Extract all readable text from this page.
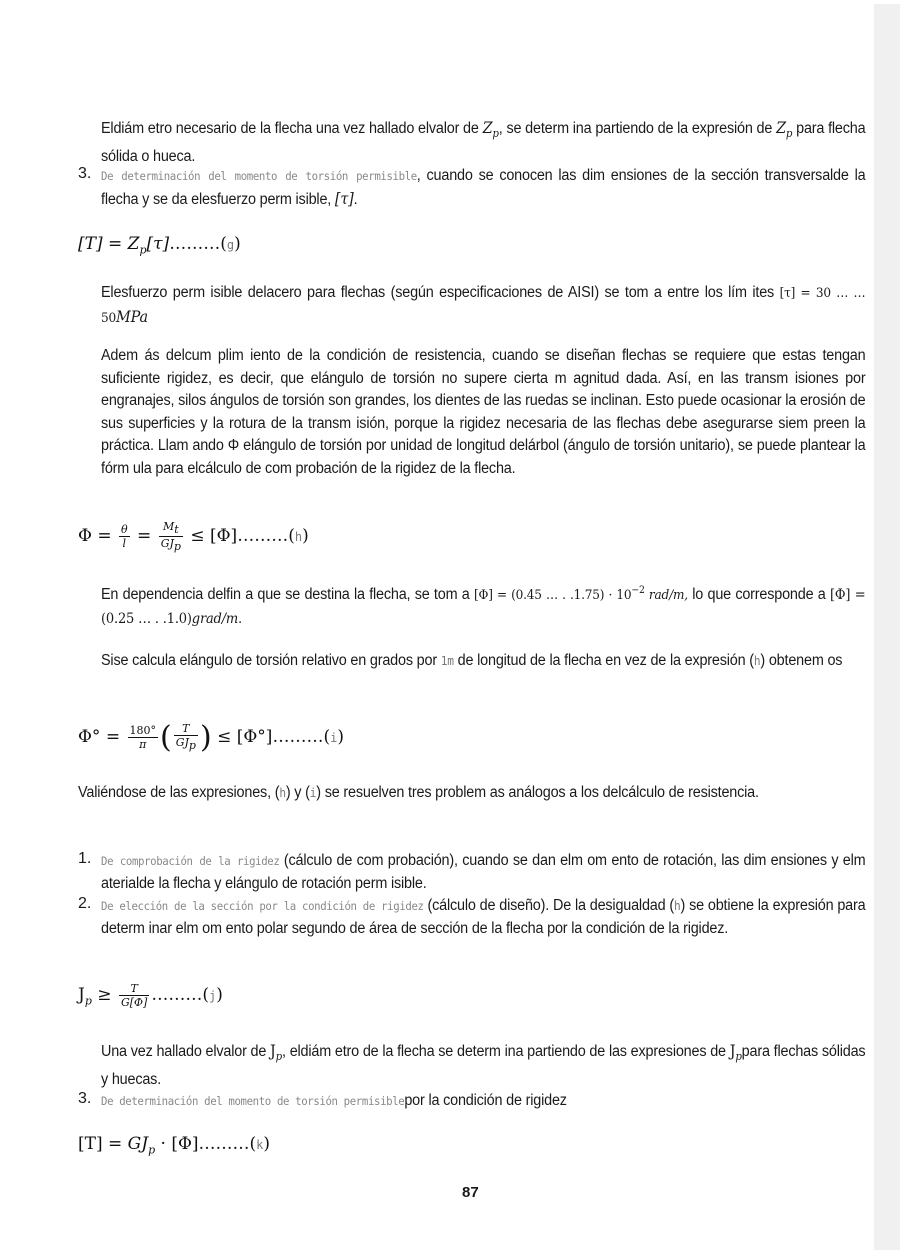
Eldiám etro necesario de la flecha una vez hallado elvalor de $Z_p$, se determ ina partiendo de la expresión de $Z_p$ para flecha sólida o hueca.
3. De determinación del momento de torsión permisible, cuando se conocen las dim ensiones de la sección transversalde la flecha y se da elesfuerzo perm isible, [τ].
$[T] = Z_p[\tau]\dots\dots\dots(g)$
Elesfuerzo perm isible delacero para flechas (según especificaciones de AISI) se tom a entre los lím ites [τ] = 30 … … 50MPa
Adem ás delcum plim iento de la condición de resistencia, cuando se diseñan flechas se requiere que estas tengan suficiente rigidez, es decir, que elángulo de torsión no supere cierta m agnitud dada. Así, en las transm isiones por engranajes, silos ángulos de torsión son grandes, los dientes de las ruedas se inclinan. Esto puede ocasionar la erosión de sus superficies y la rotura de la transm isión, porque la rigidez necesaria de las flechas debe asegurarse siem preen la práctica. Llam ando Φ elángulo de torsión por unidad de longitud delárbol (ángulo de torsión unitario), se puede plantear la fórm ula para elcálculo de com probación de la rigidez de la flecha.
$\Phi = \frac{\theta}{l} = \frac{M_t}{GJ_p}$ ≤ [Φ]………(h)
En dependencia delfin a que se destina la flecha, se tom a [Φ] = (0.45 … . $.1.75) \cdot 10^{-2}$ rad/m, lo que corresponde a [Φ] = (0.25 … . .1.0)grad/m.
Sise calcula elángulo de torsión relativo en grados por 1m de longitud de la flecha en vez de la expresión (h) obtenem os
$\Phi^\circ = \frac{180^\circ}{\pi}$ ( $\frac{T}{GJ_p}$ ) ≤ [Φ°]………(i)
Valiéndose de las expresiones, (h) y (i) se resuelven tres problem as análogos a los delcálculo de resistencia.
1. De comprobación de la rigidez (cálculo de com probación), cuando se dan elm om ento de rotación, las dim ensiones y elm aterialde la flecha y elángulo de rotación perm isible.
2. De elección de la sección por la condición de rigidez (cálculo de diseño). De la desigualdad (h) se obtiene la expresión para determ inar elm om ento polar segundo de área de sección de la flecha por la condición de la rigidez.
$J_p \ge \frac{T}{G[\Phi]}$ ………(j)
Una vez hallado elvalor de $J_p$, eldiám etro de la flecha se determ ina partiendo de las expresiones de $J_ppara$ flechas sólidas y huecas.
3. De determinación del momento de torsión permisiblepor la condición de rigidez
$[T] = GJ_p$ · [Φ]………(k)
87
